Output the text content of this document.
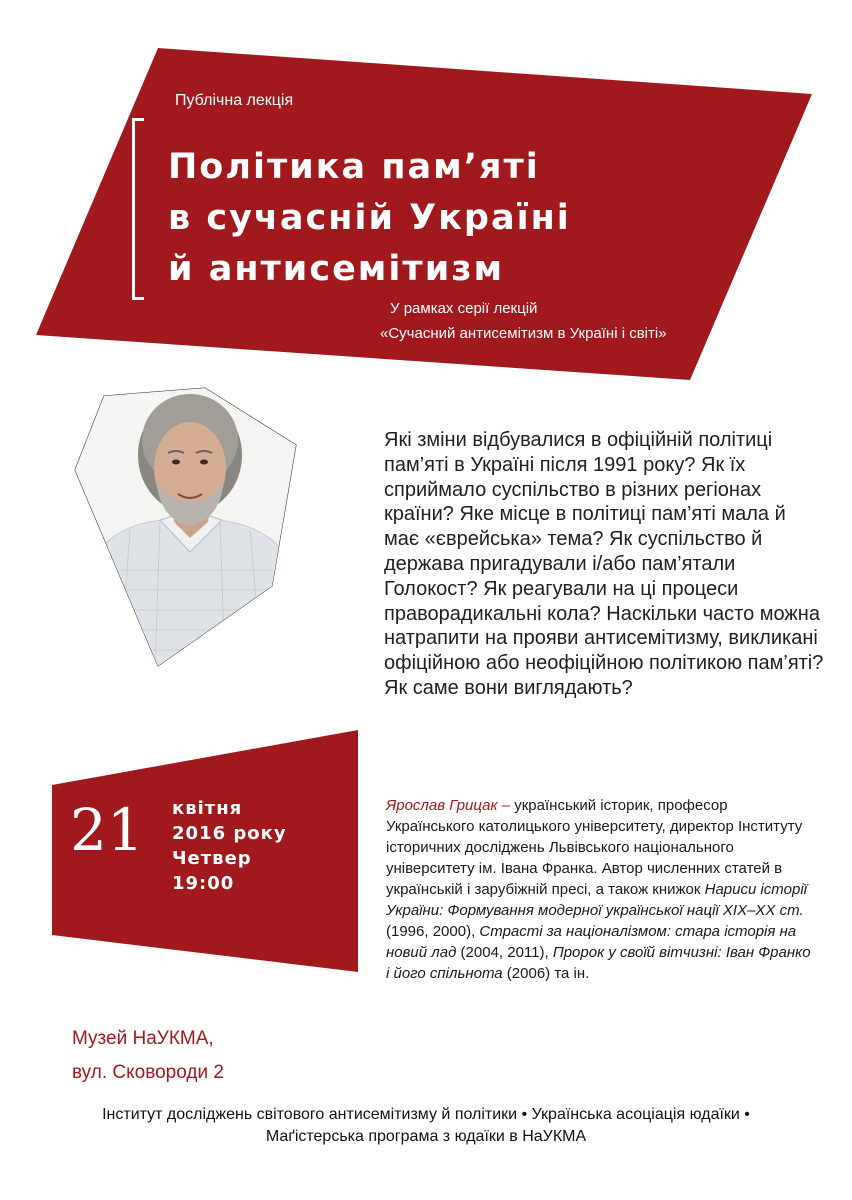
Публічна лекція
Політика пам’яті
в сучасній Україні
й антисемітизм
У рамках серії лекцій
«Сучасний антисемітизм в Україні і світі»
Які зміни відбувалися в офіційній політиці пам’яті в Україні після 1991 року? Як їх сприймало суспільство в різних регіонах країни? Яке місце в політиці пам’яті мала й має «єврейська» тема? Як суспільство й держава пригадували і/або пам’ятали Голокост? Як реагували на ці процеси праворадикальні кола? Наскільки часто можна натрапити на прояви антисемітизму, викликані офіційною або неофіційною політикою пам’яті? Як саме вони виглядають?
21 квітня
2016 року
Четвер
19:00
Ярослав Грицак – український історик, професор Українського католицького університету, директор Інституту історичних досліджень Львівського національного університету ім. Івана Франка. Автор численних статей в українській і зарубіжній пресі, а також книжок Нариси історії України: Формування модерної української нації XIX–XX ст. (1996, 2000), Страсті за націоналізмом: стара історія на новий лад (2004, 2011), Пророк у своїй вітчизні: Іван Франко і його спільнота (2006) та ін.
Музей НаУКМА,
вул. Сковороди 2
Інститут досліджень світового антисемітизму й політики • Українська асоціація юдаїки •
Маґістерська програма з юдаїки в НаУКМА
